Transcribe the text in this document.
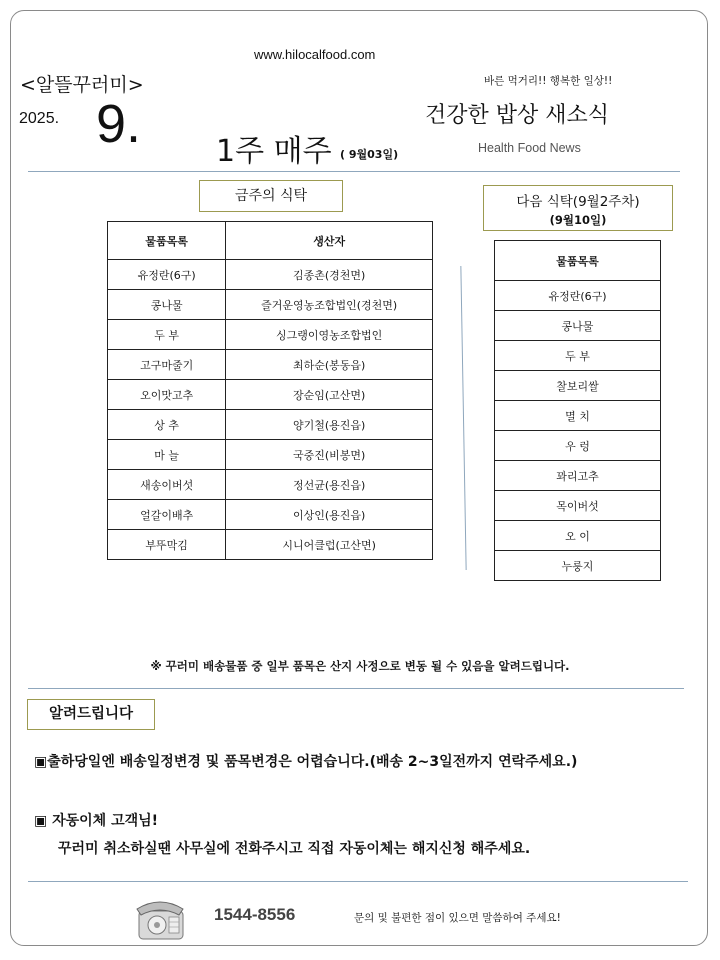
www.hilocalfood.com
<알뜰꾸러미>	바른 먹거리!! 행복한 일상!!
2025. 9. 1주 매주 ( 9월03일)
건강한 밥상 새소식
Health Food News
금주의 식탁
물품목록	생산자
유정란(6구)	김종촌(경천면)
콩나물	즐거운영농조합법인(경천면)
두 부	싱그랭이영농조합법인
고구마줄기	최하순(봉동읍)
오이맛고추	장순임(고산면)
상 추	양기철(용진읍)
마 늘	국중진(비봉면)
새송이버섯	정선균(용진읍)
얼갈이배추	이상인(용진읍)
부뚜막김	시니어클럽(고산면)
다음 식탁(9월2주차)
(9월10일)
물품목록
유정란(6구)
콩나물
두 부
찰보리쌀
멸 치
우 렁
꽈리고추
목이버섯
오 이
누룽지
※ 꾸러미 배송물품 중 일부 품목은 산지 사정으로 변동 될 수 있음을 알려드립니다.
알려드립니다
▣출하당일엔 배송일정변경 및 품목변경은 어렵습니다.(배송 2~3일전까지 연락주세요.)
▣ 자동이체 고객님!
꾸러미 취소하실땐 사무실에 전화주시고 직접 자동이체는 해지신청 해주세요.
1544-8556	문의 및 불편한 점이 있으면 말씀하여 주세요!
